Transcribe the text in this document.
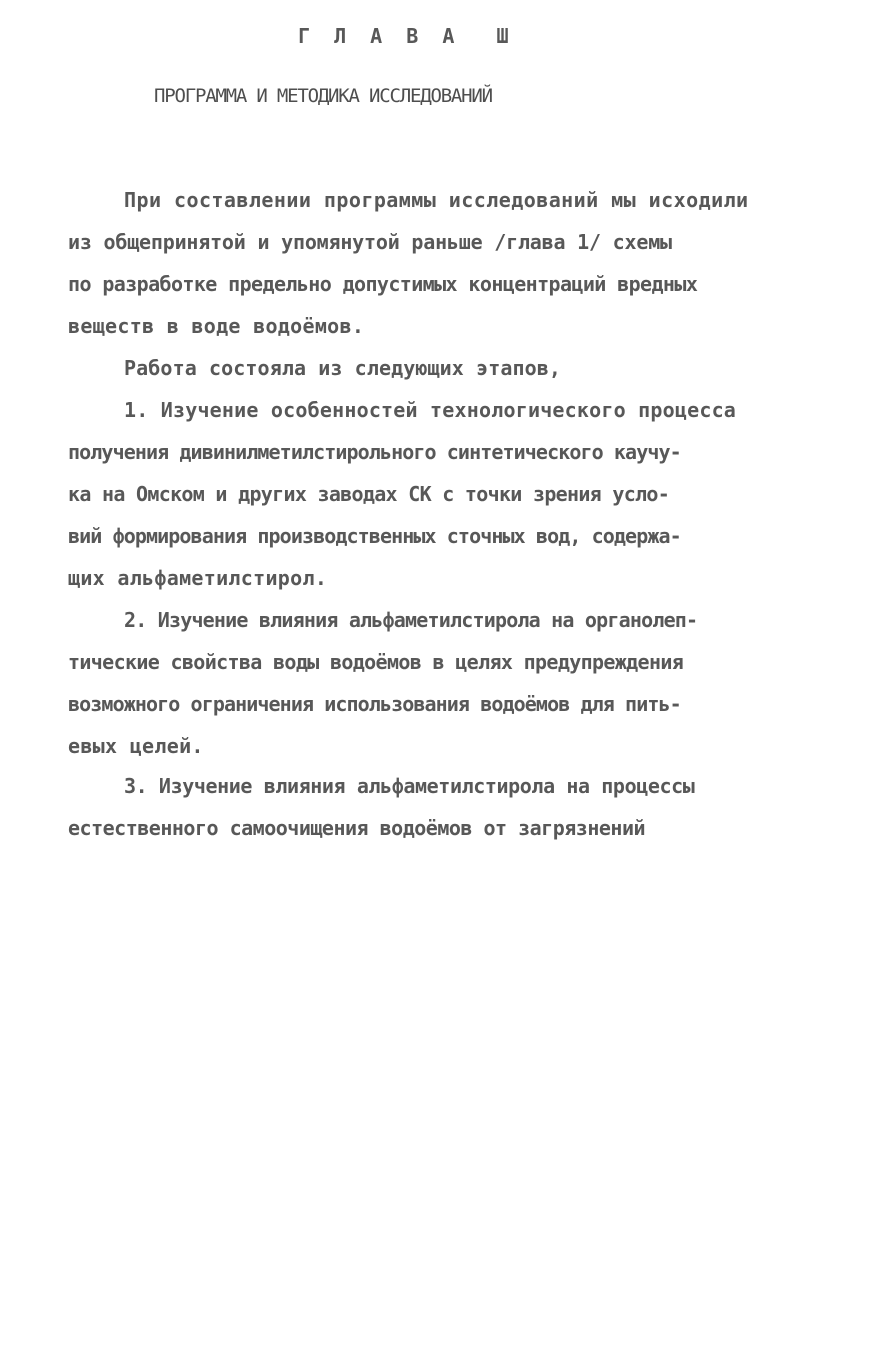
Г Л А В А  Ш
ПРОГРАММА И МЕТОДИКА ИССЛЕДОВАНИЙ
При составлении программы исследований мы исходили
из общепринятой и упомянутой раньше /глава 1/ схемы
по разработке предельно допустимых концентраций вредных
веществ в воде водоёмов.
Работа состояла из следующих этапов,
1. Изучение особенностей технологического процесса
получения дивинилметилстирольного синтетического каучу-
ка на Омском и других заводах СК с точки зрения усло-
вий формирования производственных сточных вод, содержа-
щих альфаметилстирол.
2. Изучение влияния альфаметилстирола на органолеп-
тические свойства воды водоёмов в целях предупреждения
возможного ограничения использования водоёмов для пить-
евых целей.
3. Изучение влияния альфаметилстирола на процессы
естественного самоочищения водоёмов от загрязнений
